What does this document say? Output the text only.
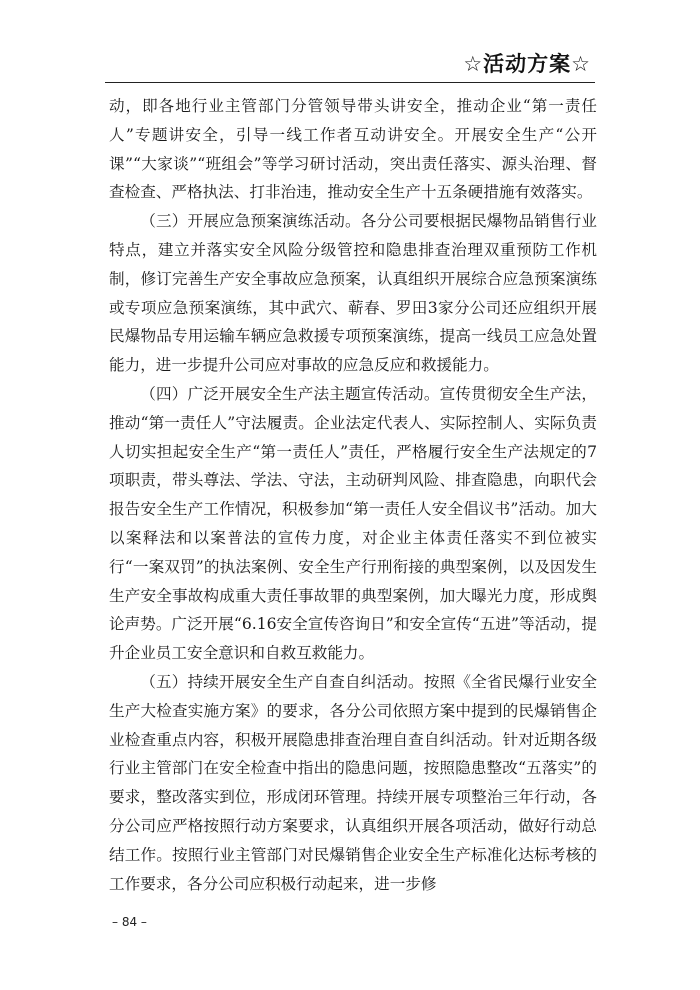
☆活动方案☆

动，即各地行业主管部门分管领导带头讲安全，推动企业“第一责任人”专题讲安全，引导一线工作者互动讲安全。开展安全生产“公开课”“大家谈”“班组会”等学习研讨活动，突出责任落实、源头治理、督查检查、严格执法、打非治违，推动安全生产十五条硬措施有效落实。

（三）开展应急预案演练活动。各分公司要根据民爆物品销售行业特点，建立并落实安全风险分级管控和隐患排查治理双重预防工作机制，修订完善生产安全事故应急预案，认真组织开展综合应急预案演练或专项应急预案演练，其中武穴、蕲春、罗田3家分公司还应组织开展民爆物品专用运输车辆应急救援专项预案演练，提高一线员工应急处置能力，进一步提升公司应对事故的应急反应和救援能力。

（四）广泛开展安全生产法主题宣传活动。宣传贯彻安全生产法，推动“第一责任人”守法履责。企业法定代表人、实际控制人、实际负责人切实担起安全生产“第一责任人”责任，严格履行安全生产法规定的7项职责，带头尊法、学法、守法，主动研判风险、排查隐患，向职代会报告安全生产工作情况，积极参加“第一责任人安全倡议书”活动。加大以案释法和以案普法的宣传力度，对企业主体责任落实不到位被实行“一案双罚”的执法案例、安全生产行刑衔接的典型案例，以及因发生生产安全事故构成重大责任事故罪的典型案例，加大曝光力度，形成舆论声势。广泛开展“6.16安全宣传咨询日”和安全宣传“五进”等活动，提升企业员工安全意识和自救互救能力。

（五）持续开展安全生产自查自纠活动。按照《全省民爆行业安全生产大检查实施方案》的要求，各分公司依照方案中提到的民爆销售企业检查重点内容，积极开展隐患排查治理自查自纠活动。针对近期各级行业主管部门在安全检查中指出的隐患问题，按照隐患整改“五落实”的要求，整改落实到位，形成闭环管理。持续开展专项整治三年行动，各分公司应严格按照行动方案要求，认真组织开展各项活动，做好行动总结工作。按照行业主管部门对民爆销售企业安全生产标准化达标考核的工作要求，各分公司应积极行动起来，进一步修

– 84 –
